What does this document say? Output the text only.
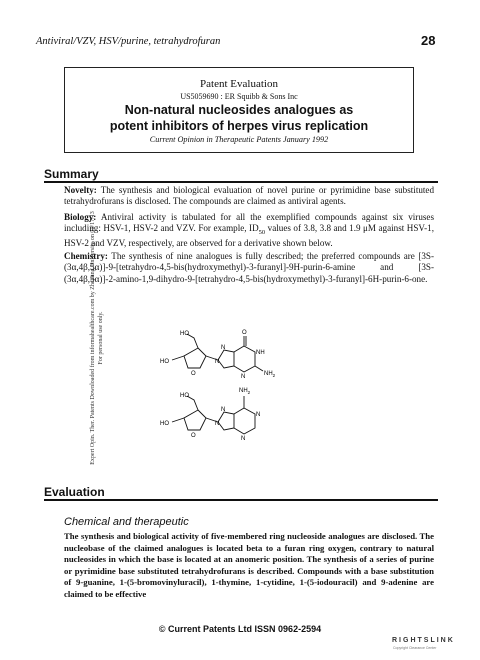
Antiviral/VZV, HSV/purine, tetrahydrofuran	28
Patent Evaluation
US5059690 : ER Squibb & Sons Inc
Non-natural nucleosides analogues as
potent inhibitors of herpes virus replication
Current Opinion in Therapeutic Patents January 1992
Expert Opin. Ther. Patents Downloaded from informahealthcare.com by Zhejiang University on 01/17/13 For personal use only.
Summary
Novelty: The synthesis and biological evaluation of novel purine or pyrimidine base substituted tetrahydrofurans is disclosed. The compounds are claimed as antiviral agents.
Biology: Antiviral activity is tabulated for all the exemplified compounds against six viruses including: HSV-1, HSV-2 and VZV. For example, $ID_{50}$ values of 3.8, 3.8 and 1.9 μM against HSV-1, HSV-2 and VZV, respectively, are observed for a derivative shown below.
Chemistry: The synthesis of nine analogues is fully described; the preferred compounds are [3S-(3α,4β,5α)]-9-[tetrahydro-4,5-bis(hydroxymethyl)-3-furanyl]-9H-purin-6-amine and [3S-(3α,4β,5α)]-2-amino-1,9-dihydro-9-[tetrahydro-4,5-bis(hydroxymethyl)-3-furanyl]-6H-purin-6-one.
HO
HO
O
N
N
O
NH
N	$NH_2$
HO
HO
O
N
N
N
N
$NH_2$
Evaluation
Chemical and therapeutic
The synthesis and biological activity of five-membered ring nucleoside analogues are disclosed. The nucleobase of the claimed analogues is located beta to a furan ring oxygen, contrary to natural nucleosides in which the base is located at an anomeric position. The synthesis of a series of purine or pyrimidine base substituted tetrahydrofurans is described. Compounds with a base substitution of 9-guanine, 1-(5-bromovinyluracil), 1-thymine, 1-cytidine, 1-(5-iodouracil) and 9-adenine are claimed to be effective
© Current Patents Ltd ISSN 0962-2594
RIGHTSLINK
Copyright Clearance Center
